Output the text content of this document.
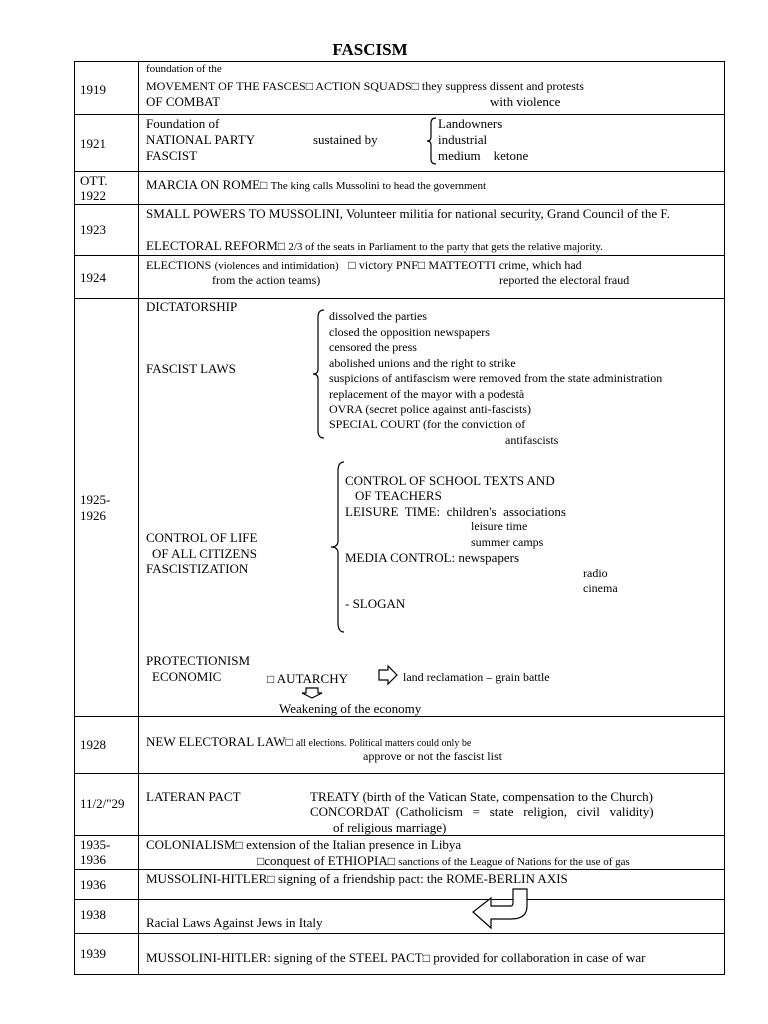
FASCISM
1919
foundation of the
MOVEMENT OF THE FASCES□ ACTION SQUADS□ they suppress dissent and protests
OF COMBAT	with violence
1921
Foundation of
NATIONAL PARTY
FASCIST
sustained by
Landowners
industrial
medium    ketone
OTT.
1922
MARCIA ON ROME□ The king calls Mussolini to head the government
1923
SMALL POWERS TO MUSSOLINI, Volunteer militia for national security, Grand Council of the F.
ELECTORAL REFORM□ 2/3 of the seats in Parliament to the party that gets the relative majority.
1924
ELECTIONS (violences and intimidation) □ victory PNF□ MATTEOTTI crime, which had
from the action teams)	reported the electoral fraud
1925-
1926
DICTATORSHIP
FASCIST LAWS
dissolved the parties
closed the opposition newspapers
censored the press
abolished unions and the right to strike
suspicions of antifascism were removed from the state administration
replacement of the mayor with a podestà
OVRA (secret police against anti-fascists)
SPECIAL COURT (for the conviction of
antifascists
CONTROL OF LIFE
OF ALL CITIZENS
FASCISTIZATION
CONTROL OF SCHOOL TEXTS AND
OF TEACHERS
LEISURE  TIME:  children's  associations
leisure time
summer camps
MEDIA CONTROL: newspapers
radio
cinema
- SLOGAN
PROTECTIONISM
ECONOMIC	□ AUTARCHY	land reclamation – grain battle
Weakening of the economy
1928	NEW ELECTORAL LAW□ all elections. Political matters could only be
approve or not the fascist list
11/2/"29 LATERAN PACT	TREATY (birth of the Vatican State, compensation to the Church)
CONCORDAT  (Catholicism   =   state   religion,   civil   validity)
of religious marriage)
1935-
1936
COLONIALISM□ extension of the Italian presence in Libya
□conquest of ETHIOPIA□ sanctions of the League of Nations for the use of gas
1936	MUSSOLINI-HITLER□ signing of a friendship pact: the ROME-BERLIN AXIS
1938
Racial Laws Against Jews in Italy
1939	MUSSOLINI-HITLER: signing of the STEEL PACT□ provided for collaboration in case of war
